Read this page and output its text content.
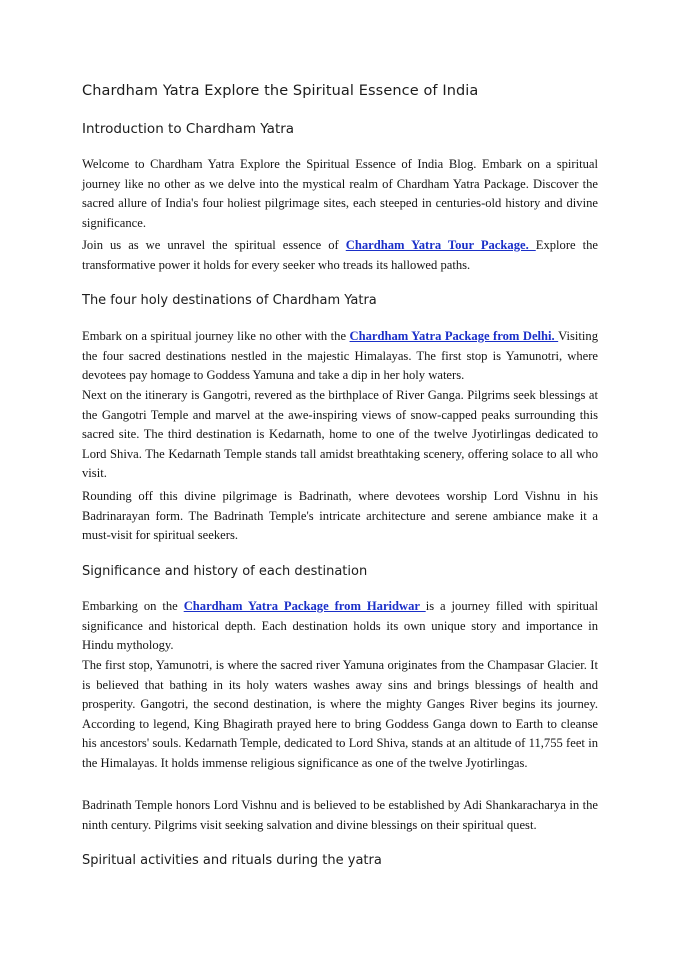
Chardham Yatra Explore the Spiritual Essence of India
Introduction to Chardham Yatra

Welcome to Chardham Yatra Explore the Spiritual Essence of India Blog. Embark on a spiritual journey like no other as we delve into the mystical realm of Chardham Yatra Package. Discover the sacred allure of India's four holiest pilgrimage sites, each steeped in centuries-old history and divine significance.

Join us as we unravel the spiritual essence of Chardham Yatra Tour Package. Explore the transformative power it holds for every seeker who treads its hallowed paths.

The four holy destinations of Chardham Yatra

Embark on a spiritual journey like no other with the Chardham Yatra Package from Delhi. Visiting the four sacred destinations nestled in the majestic Himalayas. The first stop is Yamunotri, where devotees pay homage to Goddess Yamuna and take a dip in her holy waters.

Next on the itinerary is Gangotri, revered as the birthplace of River Ganga. Pilgrims seek blessings at the Gangotri Temple and marvel at the awe-inspiring views of snow-capped peaks surrounding this sacred site. The third destination is Kedarnath, home to one of the twelve Jyotirlingas dedicated to Lord Shiva. The Kedarnath Temple stands tall amidst breathtaking scenery, offering solace to all who visit.

Rounding off this divine pilgrimage is Badrinath, where devotees worship Lord Vishnu in his Badrinarayan form. The Badrinath Temple's intricate architecture and serene ambiance make it a must-visit for spiritual seekers.

Significance and history of each destination

Embarking on the Chardham Yatra Package from Haridwar is a journey filled with spiritual significance and historical depth. Each destination holds its own unique story and importance in Hindu mythology.

The first stop, Yamunotri, is where the sacred river Yamuna originates from the Champasar Glacier. It is believed that bathing in its holy waters washes away sins and brings blessings of health and prosperity. Gangotri, the second destination, is where the mighty Ganges River begins its journey. According to legend, King Bhagirath prayed here to bring Goddess Ganga down to Earth to cleanse his ancestors' souls. Kedarnath Temple, dedicated to Lord Shiva, stands at an altitude of 11,755 feet in the Himalayas. It holds immense religious significance as one of the twelve Jyotirlingas.

Badrinath Temple honors Lord Vishnu and is believed to be established by Adi Shankaracharya in the ninth century. Pilgrims visit seeking salvation and divine blessings on their spiritual quest.

Spiritual activities and rituals during the yatra
